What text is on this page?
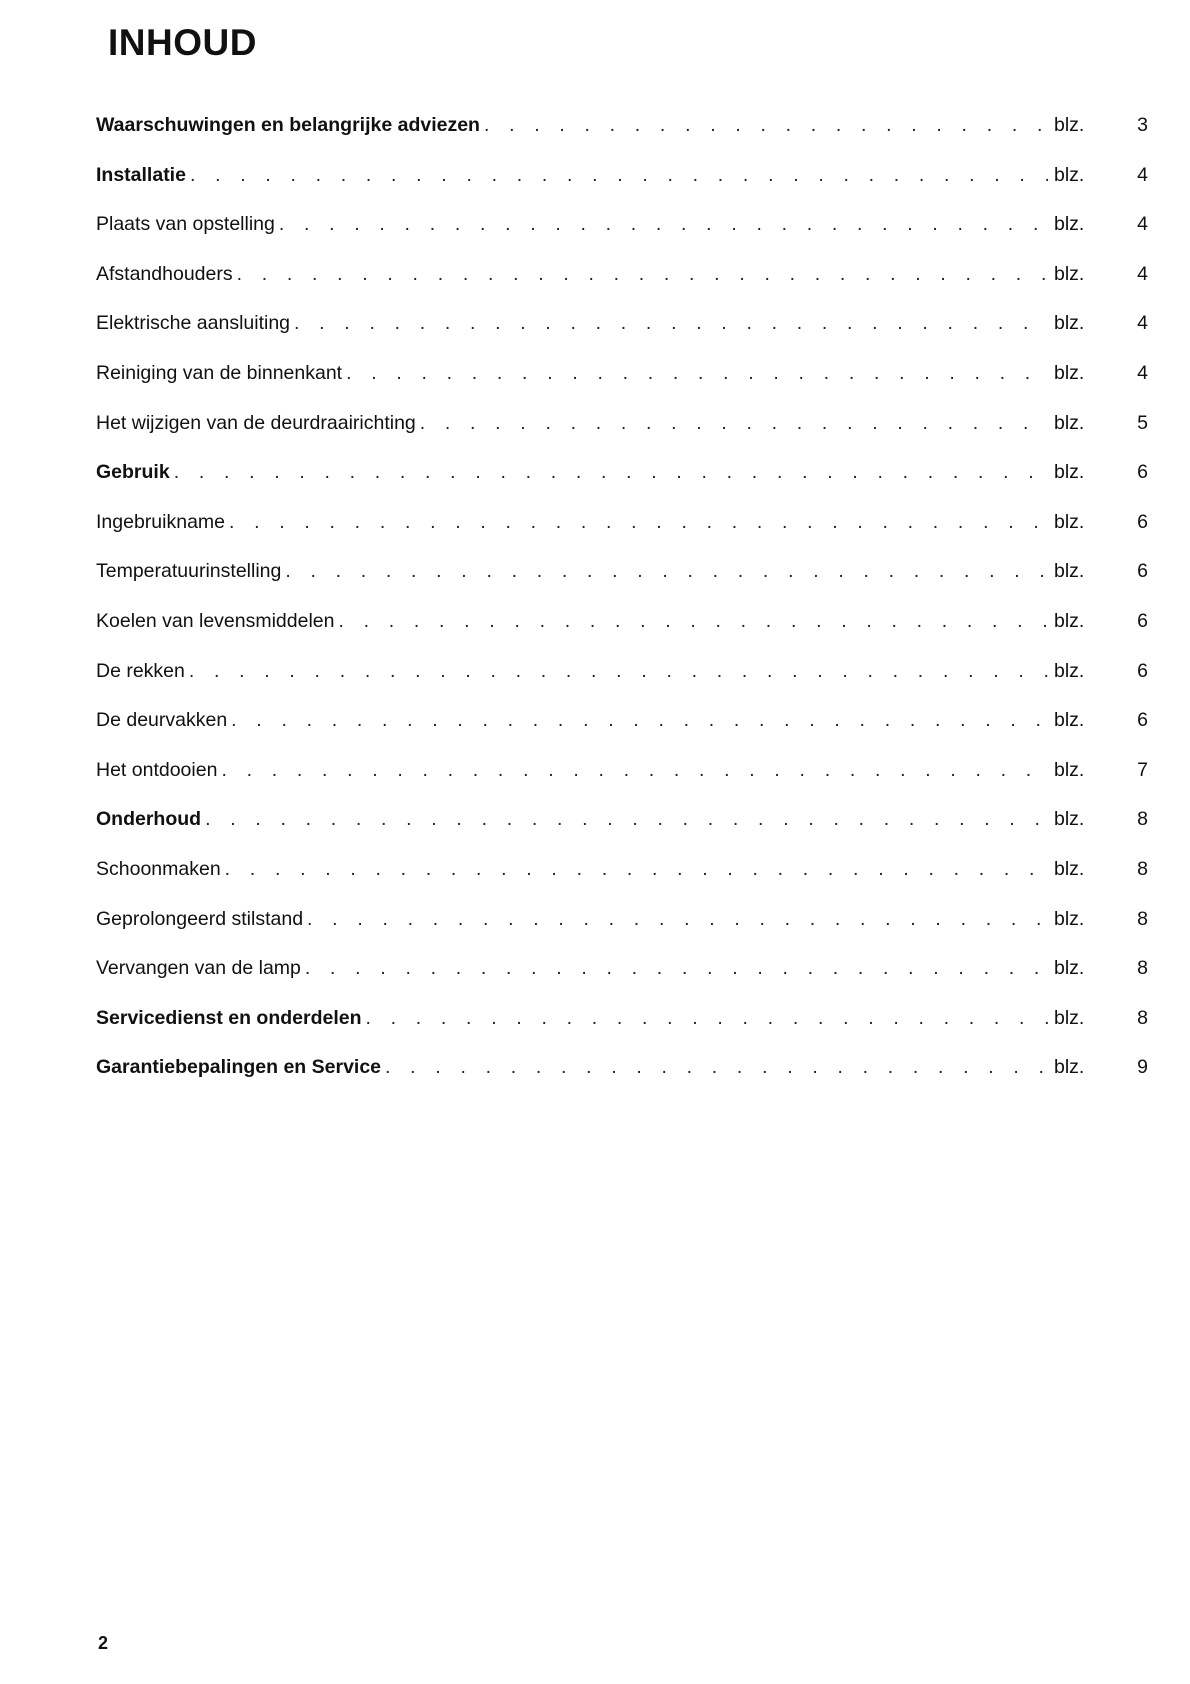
INHOUD
Waarschuwingen en belangrijke adviezen . . .	blz.	3
Installatie . . .	blz.	4
Plaats van opstelling . . .	blz.	4
Afstandhouders . . .	blz.	4
Elektrische aansluiting . . .	blz.	4
Reiniging van de binnenkant . . .	blz.	4
Het wijzigen van de deurdraairichting . . .	blz.	5
Gebruik . . .	blz.	6
Ingebruikname . . .	blz.	6
Temperatuurinstelling . . .	blz.	6
Koelen van levensmiddelen . . .	blz.	6
De rekken . . .	blz.	6
De deurvakken . . .	blz.	6
Het ontdooien . . .	blz.	7
Onderhoud . . .	blz.	8
Schoonmaken . . .	blz.	8
Geprolongeerd stilstand . . .	blz.	8
Vervangen van de lamp . . .	blz.	8
Servicedienst en onderdelen . . .	blz.	8
Garantiebepalingen en Service . . .	blz.	9
2
